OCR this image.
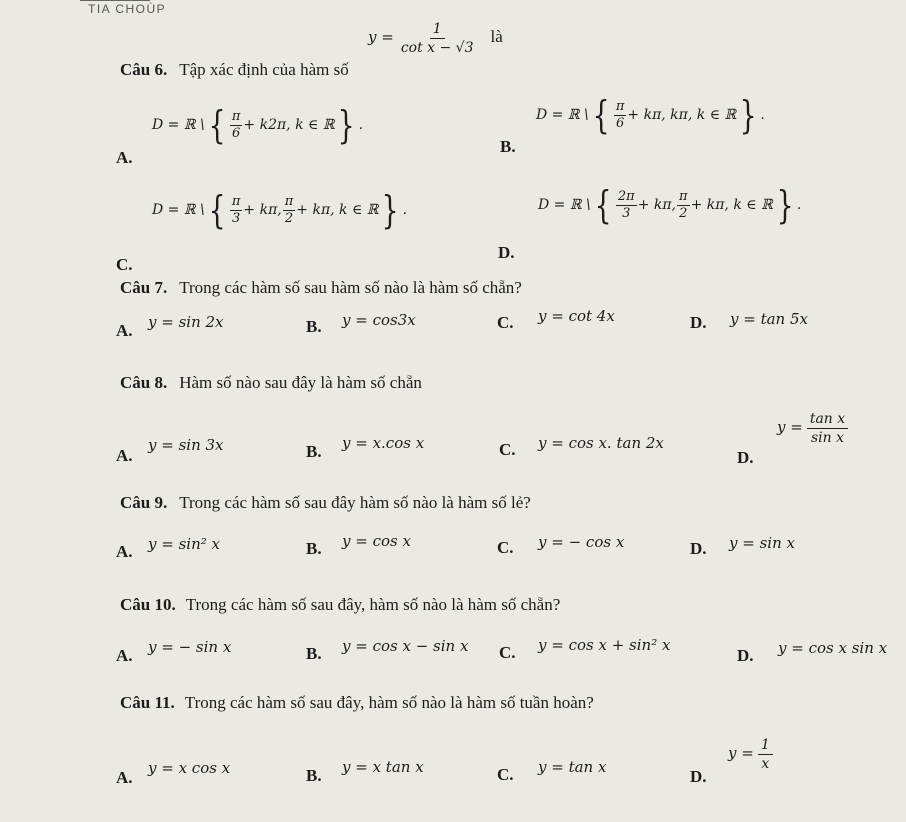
TIA CHOÙP
Câu 6. Tập xác định của hàm số
$y = \frac{1}{\text{cot x − √3}}$ là
A.
D = ℝ \ { $\frac{\pi}{6} + k2\pi$, k ∈ ℝ } .
B.
D = ℝ \ { $\frac{\pi}{6} + k\pi$, kπ, k ∈ ℝ } .
C.
D = ℝ \ { $\frac{\pi}{3} + k\pi$, $\frac{\pi}{2} + k\pi$, k ∈ ℝ } .
D.
D = ℝ \ { $\frac{2\pi}{3} + k\pi$, $\frac{\pi}{2} + k\pi$, k ∈ ℝ } .
Câu 7. Trong các hàm số sau hàm số nào là hàm số chẵn?
A. y = sin 2x	B. y = cos3x	C. y = cot 4x	D. y = tan 5x
Câu 8. Hàm số nào sau đây là hàm số chẵn
A.
y = sin 3x	B. y = x.cos x	C. y = cos x. tan 2x
D.
$y = \frac{\text{tan x}}{\text{sin x}}$
Câu 9. Trong các hàm số sau đây hàm số nào là hàm số lẻ?
A. y = sin² x	B. y = cos x	C. y = − cos x	D. y = sin x
Câu 10. Trong các hàm số sau đây, hàm số nào là hàm số chẵn?
A. y = − sin x	B. y = cos x − sin x C. y = cos x + sin² x
D. y = cos x sin x
Câu 11. Trong các hàm số sau đây, hàm số nào là hàm số tuần hoàn?
A. y = x cos x	B. y = x tan x	C. y = tan x	D.
$y = \frac{1}{x}$
